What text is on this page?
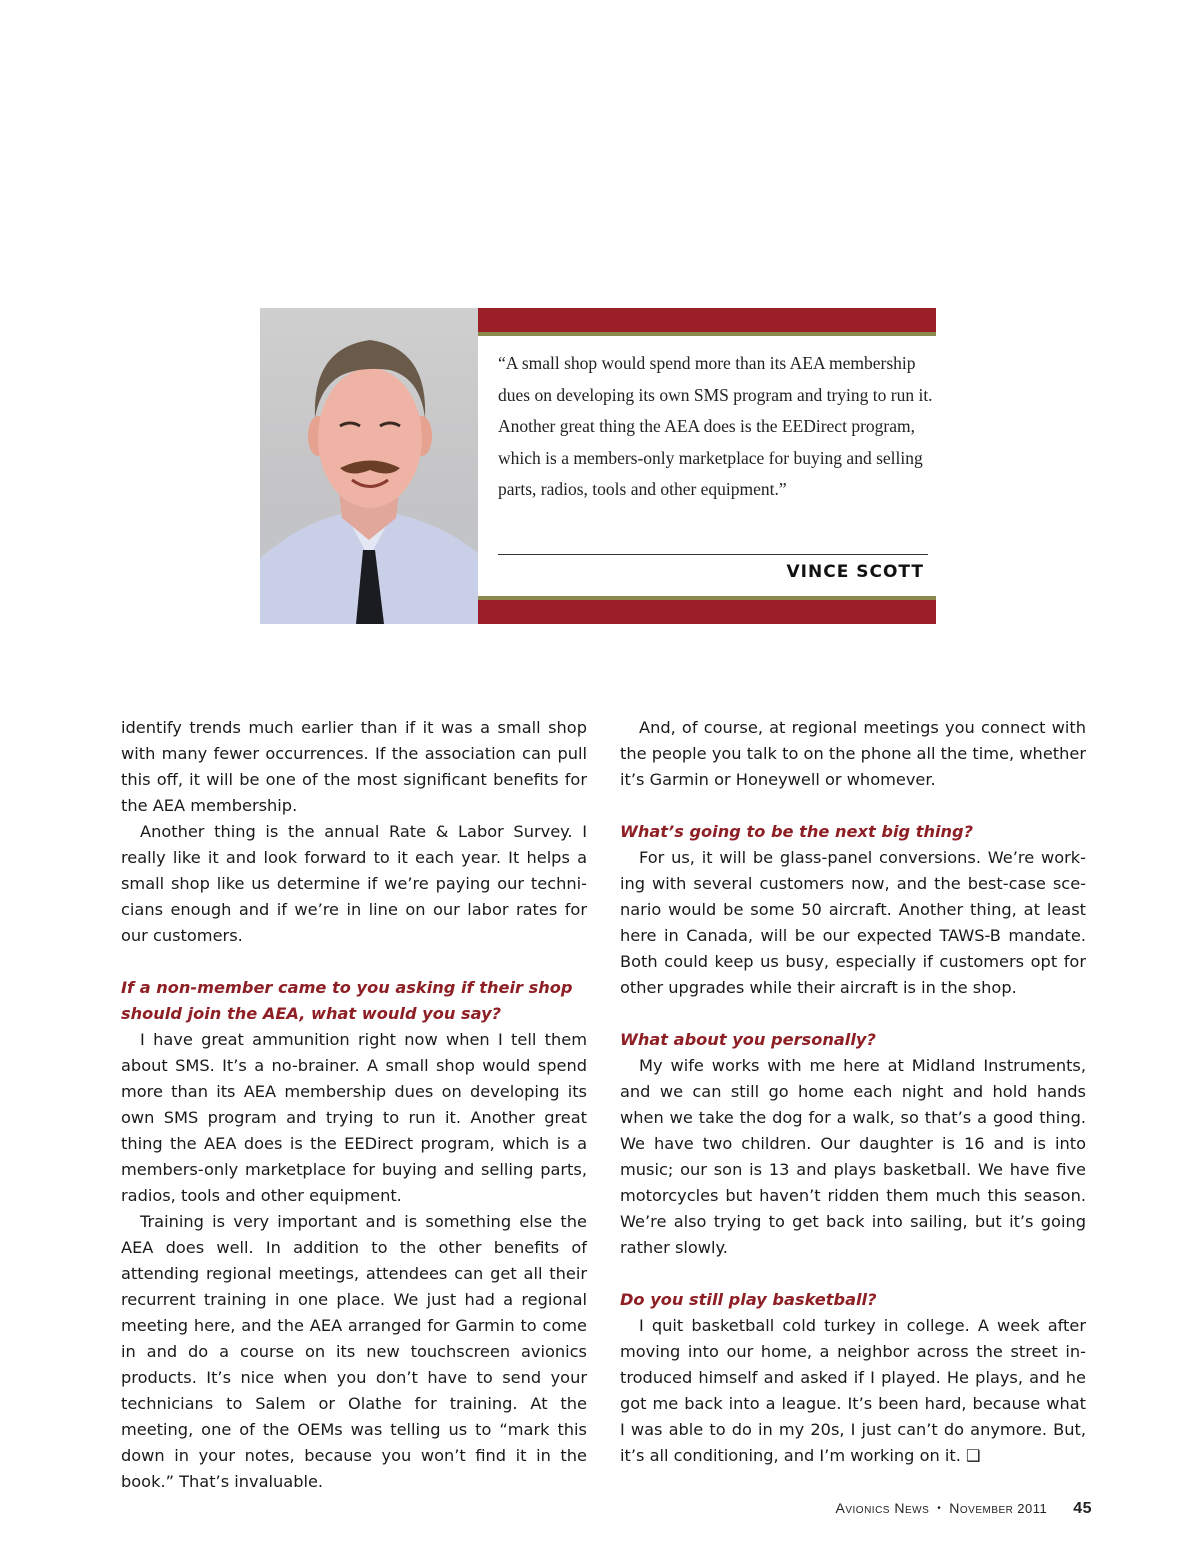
“A small shop would spend more than its AEA membership dues on developing its own SMS program and trying to run it. Another great thing the AEA does is the EEDirect program, which is a members-only marketplace for buying and selling parts, radios, tools and other equipment.”
VINCE SCOTT

identify trends much earlier than if it was a small shop with many fewer occurrences. If the association can pull this off, it will be one of the most significant benefits for the AEA membership.

Another thing is the annual Rate & Labor Survey. I really like it and look forward to it each year. It helps a small shop like us determine if we’re paying our technicians enough and if we’re in line on our labor rates for our customers.

If a non-member came to you asking if their shop should join the AEA, what would you say?

I have great ammunition right now when I tell them about SMS. It’s a no-brainer. A small shop would spend more than its AEA membership dues on developing its own SMS program and trying to run it. Another great thing the AEA does is the EEDirect program, which is a members-only marketplace for buying and selling parts, radios, tools and other equipment.

Training is very important and is something else the AEA does well. In addition to the other benefits of attending regional meetings, attendees can get all their recurrent training in one place. We just had a regional meeting here, and the AEA arranged for Garmin to come in and do a course on its new touchscreen avionics products. It’s nice when you don’t have to send your technicians to Salem or Olathe for training. At the meeting, one of the OEMs was telling us to “mark this down in your notes, because you won’t find it in the book.” That’s invaluable.

And, of course, at regional meetings you connect with the people you talk to on the phone all the time, whether it’s Garmin or Honeywell or whomever.

What’s going to be the next big thing?

For us, it will be glass-panel conversions. We’re working with several customers now, and the best-case scenario would be some 50 aircraft. Another thing, at least here in Canada, will be our expected TAWS-B mandate. Both could keep us busy, especially if customers opt for other upgrades while their aircraft is in the shop.

What about you personally?

My wife works with me here at Midland Instruments, and we can still go home each night and hold hands when we take the dog for a walk, so that’s a good thing. We have two children. Our daughter is 16 and is into music; our son is 13 and plays basketball. We have five motorcycles but haven’t ridden them much this season. We’re also trying to get back into sailing, but it’s going rather slowly.

Do you still play basketball?

I quit basketball cold turkey in college. A week after moving into our home, a neighbor across the street introduced himself and asked if I played. He plays, and he got me back into a league. It’s been hard, because what I was able to do in my 20s, I just can’t do anymore. But, it’s all conditioning, and I’m working on it. ❑

Avionics News • November 2011 45
